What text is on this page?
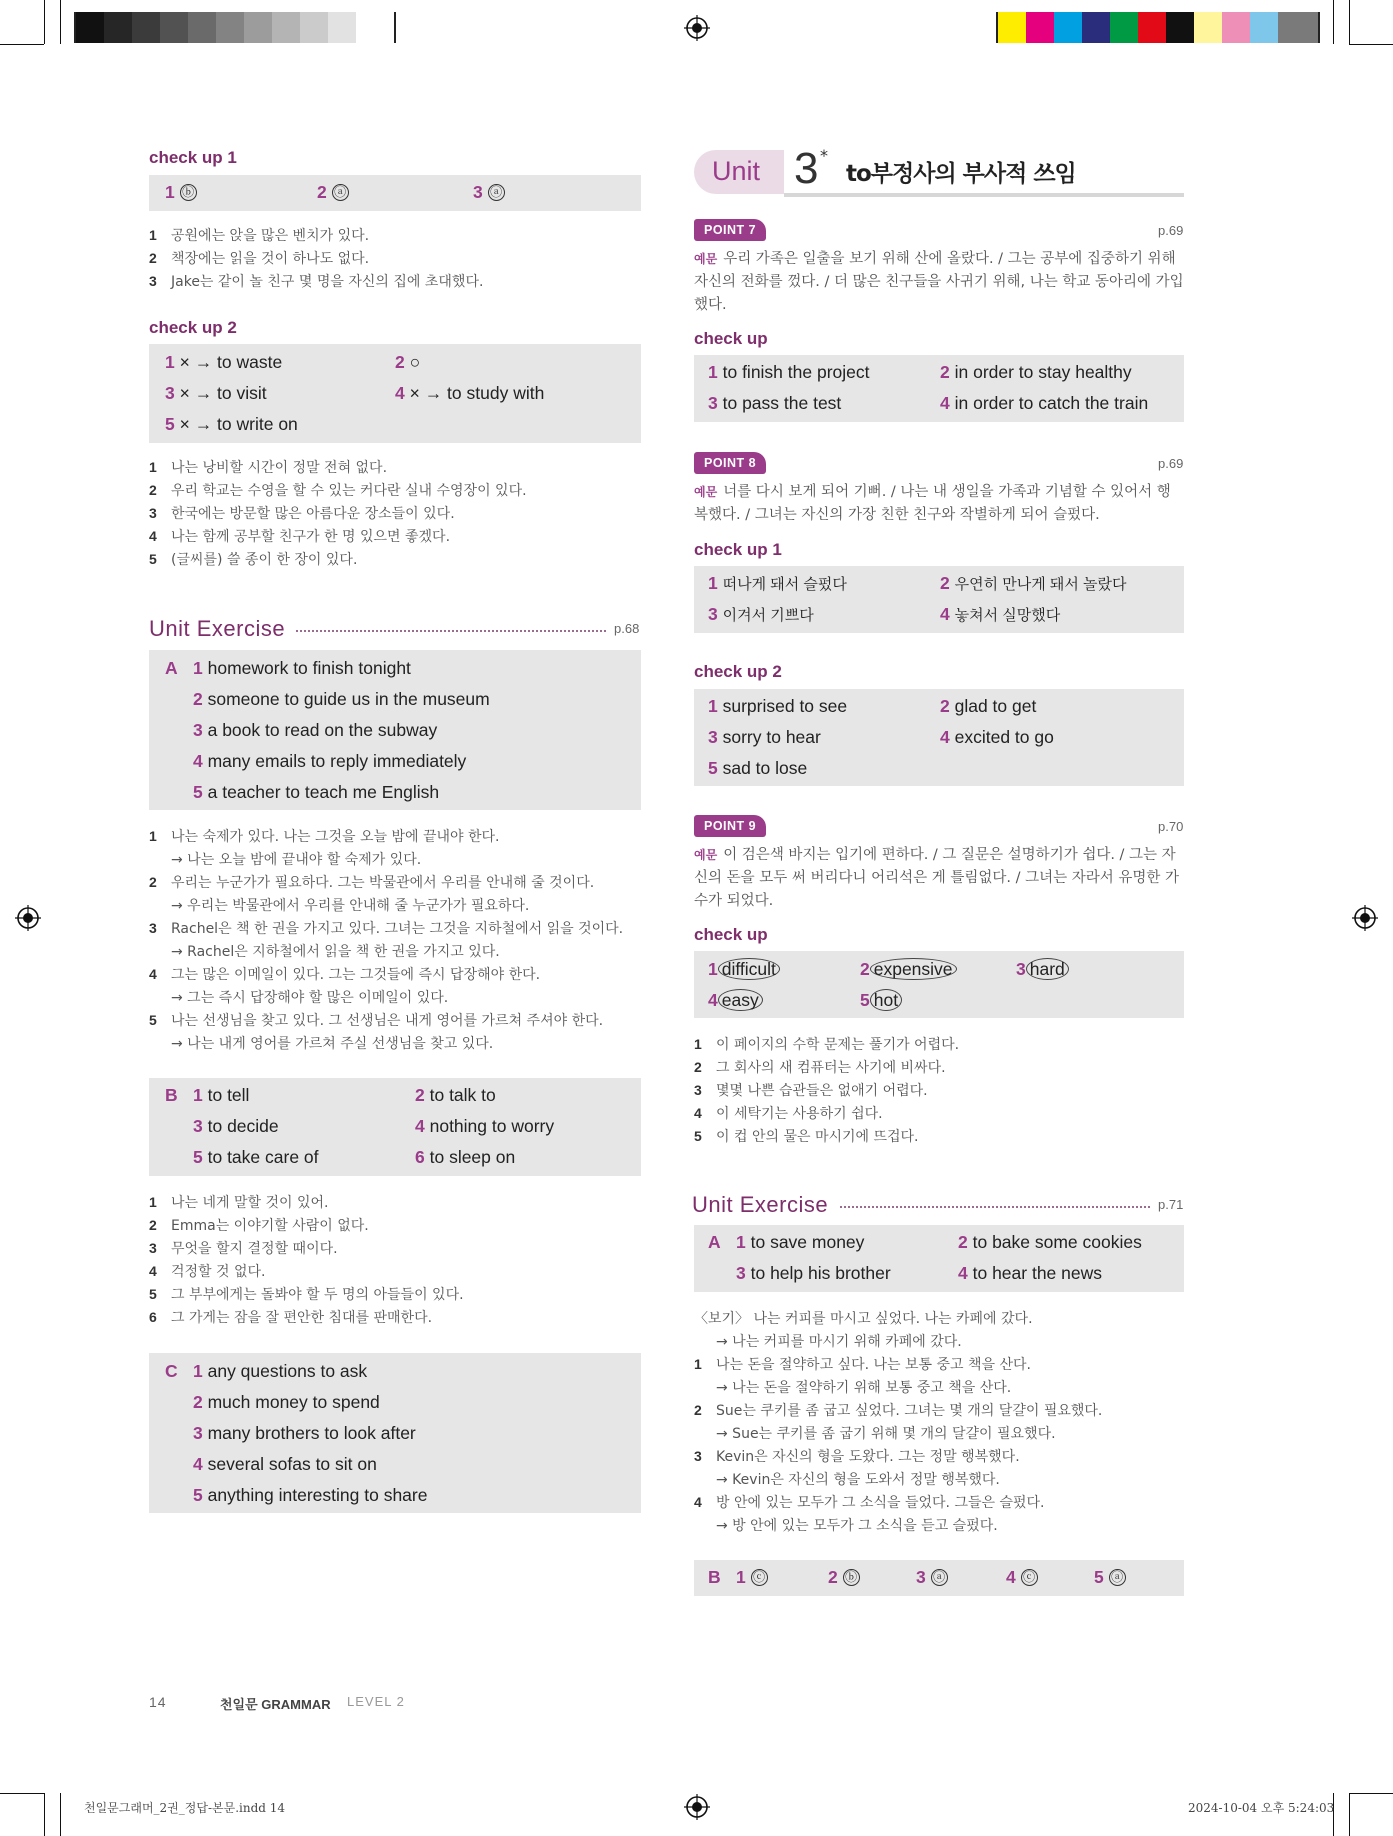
check up 1
1 ⓑ	2 ⓐ	3 ⓐ
1 공원에는 앉을 많은 벤치가 있다.
2 책장에는 읽을 것이 하나도 없다.
3 Jake는 같이 놀 친구 몇 명을 자신의 집에 초대했다.
check up 2
1 × → to waste	2 ○
3 × → to visit	4 × → to study with
5 × → to write on
1 나는 낭비할 시간이 정말 전혀 없다.
2 우리 학교는 수영을 할 수 있는 커다란 실내 수영장이 있다.
3 한국에는 방문할 많은 아름다운 장소들이 있다.
4 나는 함께 공부할 친구가 한 명 있으면 좋겠다.
5 (글씨를) 쓸 종이 한 장이 있다.
Unit Exercise	p.68
A 1 homework to finish tonight
2 someone to guide us in the museum
3 a book to read on the subway
4 many emails to reply immediately
5 a teacher to teach me English
1 나는 숙제가 있다. 나는 그것을 오늘 밤에 끝내야 한다.
→ 나는 오늘 밤에 끝내야 할 숙제가 있다.
2 우리는 누군가가 필요하다. 그는 박물관에서 우리를 안내해 줄 것이다.
→ 우리는 박물관에서 우리를 안내해 줄 누군가가 필요하다.
3 Rachel은 책 한 권을 가지고 있다. 그녀는 그것을 지하철에서 읽을 것이다.
→ Rachel은 지하철에서 읽을 책 한 권을 가지고 있다.
4 그는 많은 이메일이 있다. 그는 그것들에 즉시 답장해야 한다.
→ 그는 즉시 답장해야 할 많은 이메일이 있다.
5 나는 선생님을 찾고 있다. 그 선생님은 내게 영어를 가르쳐 주셔야 한다.
→ 나는 내게 영어를 가르쳐 주실 선생님을 찾고 있다.
B 1 to tell	2 to talk to
3 to decide	4 nothing to worry
5 to take care of	6 to sleep on
1 나는 네게 말할 것이 있어.
2 Emma는 이야기할 사람이 없다.
3 무엇을 할지 결정할 때이다.
4 걱정할 것 없다.
5 그 부부에게는 돌봐야 할 두 명의 아들들이 있다.
6 그 가게는 잠을 잘 편안한 침대를 판매한다.
C 1 any questions to ask
2 much money to spend
3 many brothers to look after
4 several sofas to sit on
5 anything interesting to share
Unit 3 *
to부정사의 부사적 쓰임
POINT 7	p.69
예문 우리 가족은 일출을 보기 위해 산에 올랐다. / 그는 공부에 집중하기 위해 자신의 전화를 껐다. / 더 많은 친구들을 사귀기 위해, 나는 학교 동아리에 가입했다.
check up
1 to finish the project	2 in order to stay healthy
3 to pass the test	4 in order to catch the train
POINT 8	p.69
예문 너를 다시 보게 되어 기뻐. / 나는 내 생일을 가족과 기념할 수 있어서 행복했다. / 그녀는 자신의 가장 친한 친구와 작별하게 되어 슬펐다.
check up 1
1 떠나게 돼서 슬펐다	2 우연히 만나게 돼서 놀랐다
3 이겨서 기쁘다	4 놓쳐서 실망했다
check up 2
1 surprised to see	2 glad to get
3 sorry to hear	4 excited to go
5 sad to lose
POINT 9	p.70
예문 이 검은색 바지는 입기에 편하다. / 그 질문은 설명하기가 쉽다. / 그는 자신의 돈을 모두 써 버리다니 어리석은 게 틀림없다. / 그녀는 자라서 유명한 가수가 되었다.
check up
1 difficult	2 expensive	3 hard
4 easy	5 hot
1 이 페이지의 수학 문제는 풀기가 어렵다.
2 그 회사의 새 컴퓨터는 사기에 비싸다.
3 몇몇 나쁜 습관들은 없애기 어렵다.
4 이 세탁기는 사용하기 쉽다.
5 이 컵 안의 물은 마시기에 뜨겁다.
Unit Exercise	p.71
A 1 to save money	2 to bake some cookies
3 to help his brother	4 to hear the news
〈보기〉 나는 커피를 마시고 싶었다. 나는 카페에 갔다.
→ 나는 커피를 마시기 위해 카페에 갔다.
1 나는 돈을 절약하고 싶다. 나는 보통 중고 책을 산다.
→ 나는 돈을 절약하기 위해 보통 중고 책을 산다.
2 Sue는 쿠키를 좀 굽고 싶었다. 그녀는 몇 개의 달걀이 필요했다.
→ Sue는 쿠키를 좀 굽기 위해 몇 개의 달걀이 필요했다.
3 Kevin은 자신의 형을 도왔다. 그는 정말 행복했다.
→ Kevin은 자신의 형을 도와서 정말 행복했다.
4 방 안에 있는 모두가 그 소식을 들었다. 그들은 슬펐다.
→ 방 안에 있는 모두가 그 소식을 듣고 슬펐다.
B 1 ⓒ	2 ⓑ	3 ⓐ	4 ⓒ	5 ⓐ
14	천일문 GRAMMAR LEVEL 2
천일문그래머_2권_정답-본문.indd 14	2024-10-04 오후 5:24:03
